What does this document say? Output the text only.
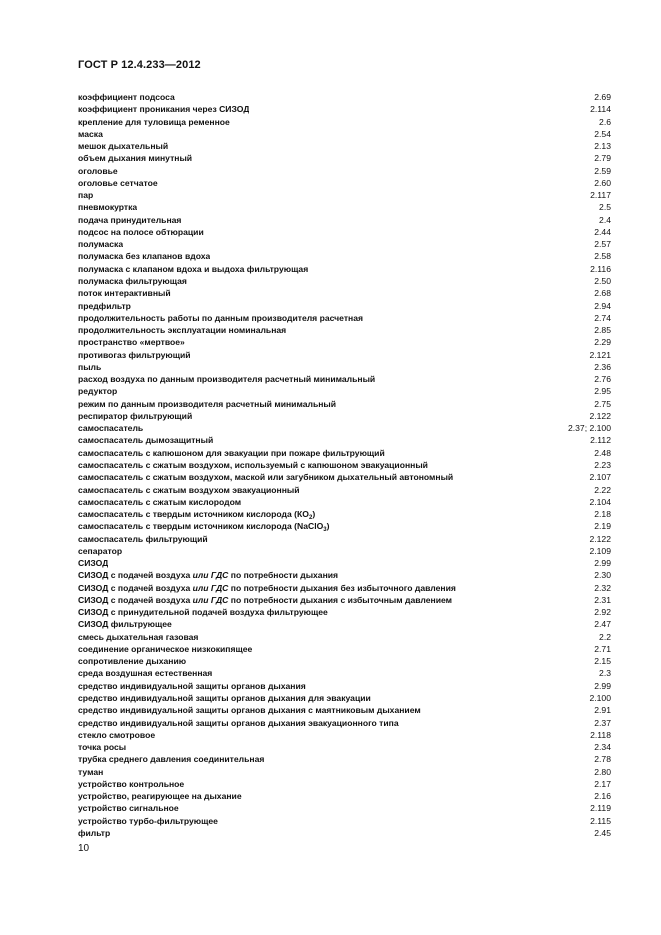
ГОСТ Р 12.4.233—2012
коэффициент подсоса	2.69
коэффициент проникания через СИЗОД	2.114
крепление для туловища ременное	2.6
маска	2.54
мешок дыхательный	2.13
объем дыхания минутный	2.79
оголовье	2.59
оголовье сетчатое	2.60
пар	2.117
пневмокуртка	2.5
подача принудительная	2.4
подсос на полосе обтюрации	2.44
полумаска	2.57
полумаска без клапанов вдоха	2.58
полумаска с клапаном вдоха и выдоха фильтрующая	2.116
полумаска фильтрующая	2.50
поток интерактивный	2.68
предфильтр	2.94
продолжительность работы по данным производителя расчетная	2.74
продолжительность эксплуатации номинальная	2.85
пространство «мертвое»	2.29
противогаз фильтрующий	2.121
пыль	2.36
расход воздуха по данным производителя расчетный минимальный	2.76
редуктор	2.95
режим по данным производителя расчетный минимальный	2.75
респиратор фильтрующий	2.122
самоспасатель	2.37; 2.100
самоспасатель дымозащитный	2.112
самоспасатель с капюшоном для эвакуации при пожаре фильтрующий	2.48
самоспасатель с сжатым воздухом, используемый с капюшоном эвакуационный	2.23
самоспасатель с сжатым воздухом, маской или загубником дыхательный автономный	2.107
самоспасатель с сжатым воздухом эвакуационный	2.22
самоспасатель с сжатым кислородом	2.104
самоспасатель с твердым источником кислорода $(КО_2)$	2.18
самоспасатель с твердым источником кислорода (NaClO$_3$)	2.19
самоспасатель фильтрующий	2.122
сепаратор	2.109
СИЗОД	2.99
СИЗОД с подачей воздуха или ГДС по потребности дыхания	2.30
СИЗОД с подачей воздуха или ГДС по потребности дыхания без избыточного давления	2.32
СИЗОД с подачей воздуха или ГДС по потребности дыхания с избыточным давлением	2.31
СИЗОД с принудительной подачей воздуха фильтрующее	2.92
СИЗОД фильтрующее	2.47
смесь дыхательная газовая	2.2
соединение органическое низкокипящее	2.71
сопротивление дыханию	2.15
среда воздушная естественная	2.3
средство индивидуальной защиты органов дыхания	2.99
средство индивидуальной защиты органов дыхания для эвакуации	2.100
средство индивидуальной защиты органов дыхания с маятниковым дыханием	2.91
средство индивидуальной защиты органов дыхания эвакуационного типа	2.37
стекло смотровое	2.118
точка росы	2.34
трубка среднего давления соединительная	2.78
туман	2.80
устройство контрольное	2.17
устройство, реагирующее на дыхание	2.16
устройство сигнальное	2.119
устройство турбо-фильтрующее	2.115
фильтр	2.45
10
